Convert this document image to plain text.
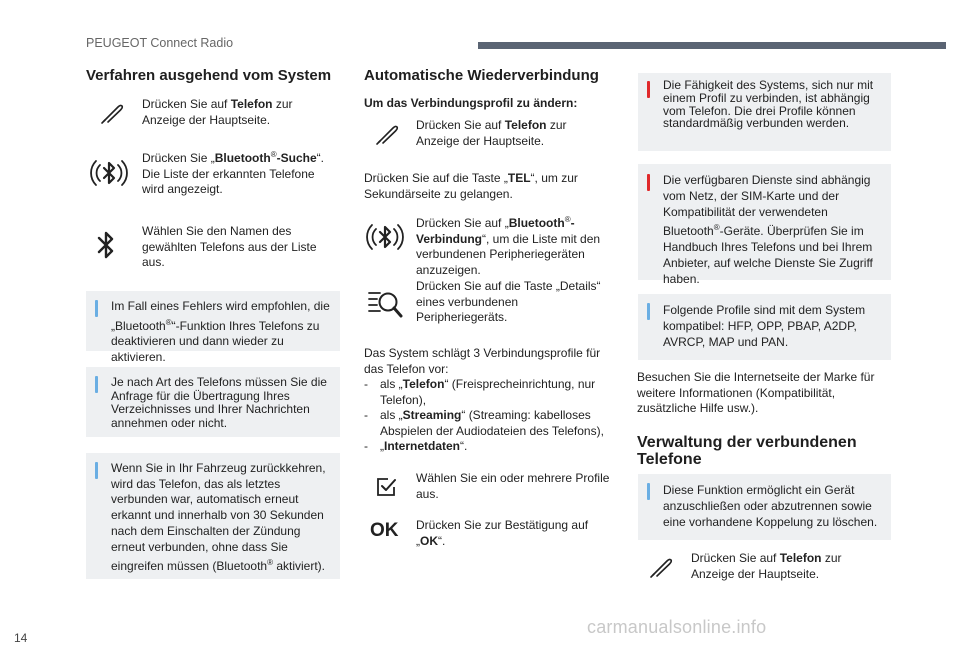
PEUGEOT Connect Radio
Verfahren ausgehend vom System
Drücken Sie auf Telefon zur Anzeige der Hauptseite.
Drücken Sie „Bluetooth®-Suche“. Die Liste der erkannten Telefone wird angezeigt.
Wählen Sie den Namen des gewählten Telefons aus der Liste aus.
Im Fall eines Fehlers wird empfohlen, die „Bluetooth®“-Funktion Ihres Telefons zu deaktivieren und dann wieder zu aktivieren.
Je nach Art des Telefons müssen Sie die Anfrage für die Übertragung Ihres Verzeichnisses und Ihrer Nachrichten annehmen oder nicht.
Wenn Sie in Ihr Fahrzeug zurückkehren, wird das Telefon, das als letztes verbunden war, automatisch erneut erkannt und innerhalb von 30 Sekunden nach dem Einschalten der Zündung erneut verbunden, ohne dass Sie eingreifen müssen (Bluetooth® aktiviert).
Automatische Wiederverbindung
Um das Verbindungsprofil zu ändern:
Drücken Sie auf Telefon zur Anzeige der Hauptseite.
Drücken Sie auf die Taste „TEL“, um zur Sekundärseite zu gelangen.
Drücken Sie auf „Bluetooth®-Verbindung“, um die Liste mit den verbundenen Peripheriegeräten anzuzeigen.
Drücken Sie auf die Taste „Details“ eines verbundenen Peripheriegeräts.
Das System schlägt 3 Verbindungsprofile für das Telefon vor:
- als „Telefon“ (Freisprecheinrichtung, nur Telefon),
- als „Streaming“ (Streaming: kabelloses Abspielen der Audiodateien des Telefons),
- „Internetdaten“.
Wählen Sie ein oder mehrere Profile aus.
OK Drücken Sie zur Bestätigung auf „OK“.
Die Fähigkeit des Systems, sich nur mit einem Profil zu verbinden, ist abhängig vom Telefon. Die drei Profile können standardmäßig verbunden werden.
Die verfügbaren Dienste sind abhängig vom Netz, der SIM-Karte und der Kompatibilität der verwendeten Bluetooth®-Geräte. Überprüfen Sie im Handbuch Ihres Telefons und bei Ihrem Anbieter, auf welche Dienste Sie Zugriff haben.
Folgende Profile sind mit dem System kompatibel: HFP, OPP, PBAP, A2DP, AVRCP, MAP und PAN.
Besuchen Sie die Internetseite der Marke für weitere Informationen (Kompatibilität, zusätzliche Hilfe usw.).
Verwaltung der verbundenen Telefone
Diese Funktion ermöglicht ein Gerät anzuschließen oder abzutrennen sowie eine vorhandene Koppelung zu löschen.
Drücken Sie auf Telefon zur Anzeige der Hauptseite.
14
carmanualsonline.info
